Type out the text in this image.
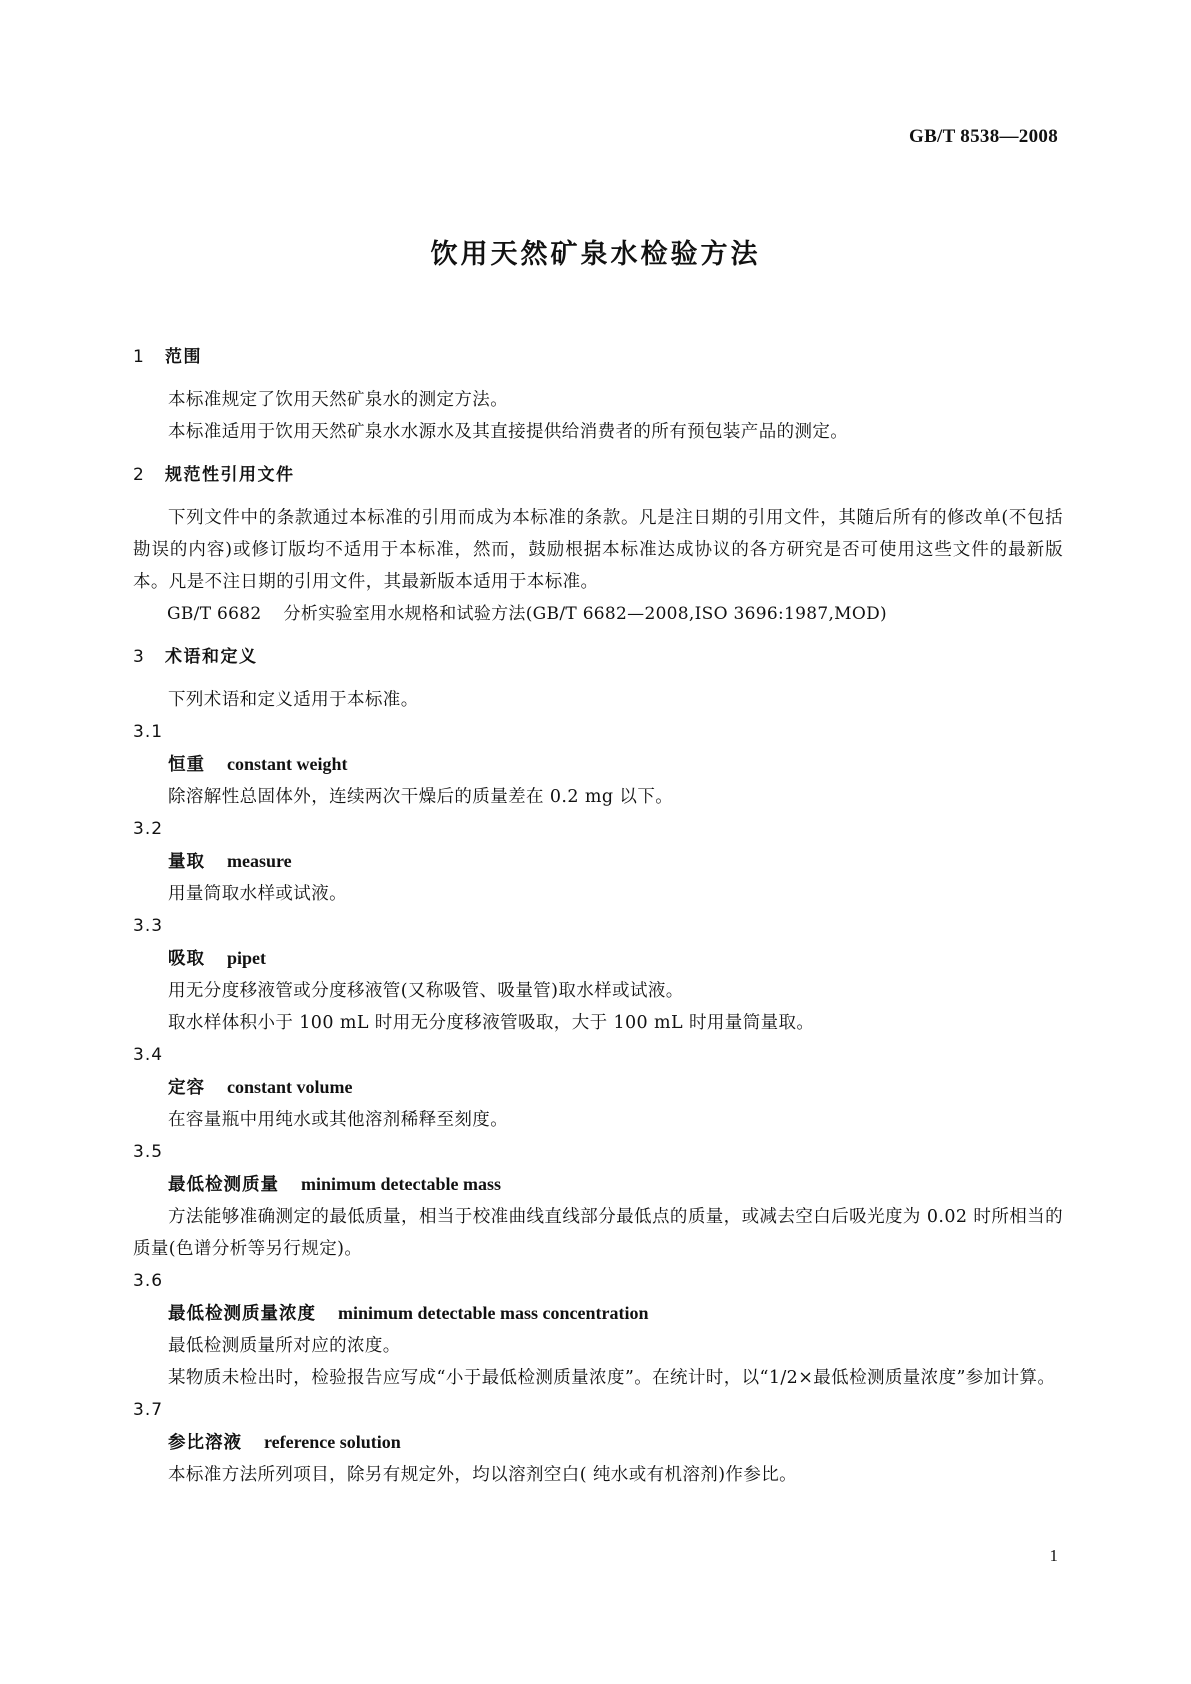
GB/T 8538—2008
饮用天然矿泉水检验方法

1 范围

本标准规定了饮用天然矿泉水的测定方法。

本标准适用于饮用天然矿泉水水源水及其直接提供给消费者的所有预包装产品的测定。

2 规范性引用文件

下列文件中的条款通过本标准的引用而成为本标准的条款。凡是注日期的引用文件，其随后所有的修改单(不包括勘误的内容)或修订版均不适用于本标准，然而，鼓励根据本标准达成协议的各方研究是否可使用这些文件的最新版本。凡是不注日期的引用文件，其最新版本适用于本标准。

GB/T 6682 分析实验室用水规格和试验方法(GB/T 6682—2008,ISO 3696:1987,MOD)

3 术语和定义

下列术语和定义适用于本标准。

3.1

恒重 constant weight

除溶解性总固体外，连续两次干燥后的质量差在 0.2 mg 以下。

3.2

量取 measure

用量筒取水样或试液。

3.3

吸取 pipet

用无分度移液管或分度移液管(又称吸管、吸量管)取水样或试液。

取水样体积小于 100 mL 时用无分度移液管吸取，大于 100 mL 时用量筒量取。

3.4

定容 constant volume

在容量瓶中用纯水或其他溶剂稀释至刻度。

3.5

最低检测质量 minimum detectable mass

方法能够准确测定的最低质量，相当于校准曲线直线部分最低点的质量，或减去空白后吸光度为 0.02 时所相当的质量(色谱分析等另行规定)。

3.6

最低检测质量浓度 minimum detectable mass concentration

最低检测质量所对应的浓度。

某物质未检出时，检验报告应写成“小于最低检测质量浓度”。在统计时，以“1/2×最低检测质量浓度”参加计算。

3.7

参比溶液 reference solution

本标准方法所列项目，除另有规定外，均以溶剂空白( 纯水或有机溶剂)作参比。

1
